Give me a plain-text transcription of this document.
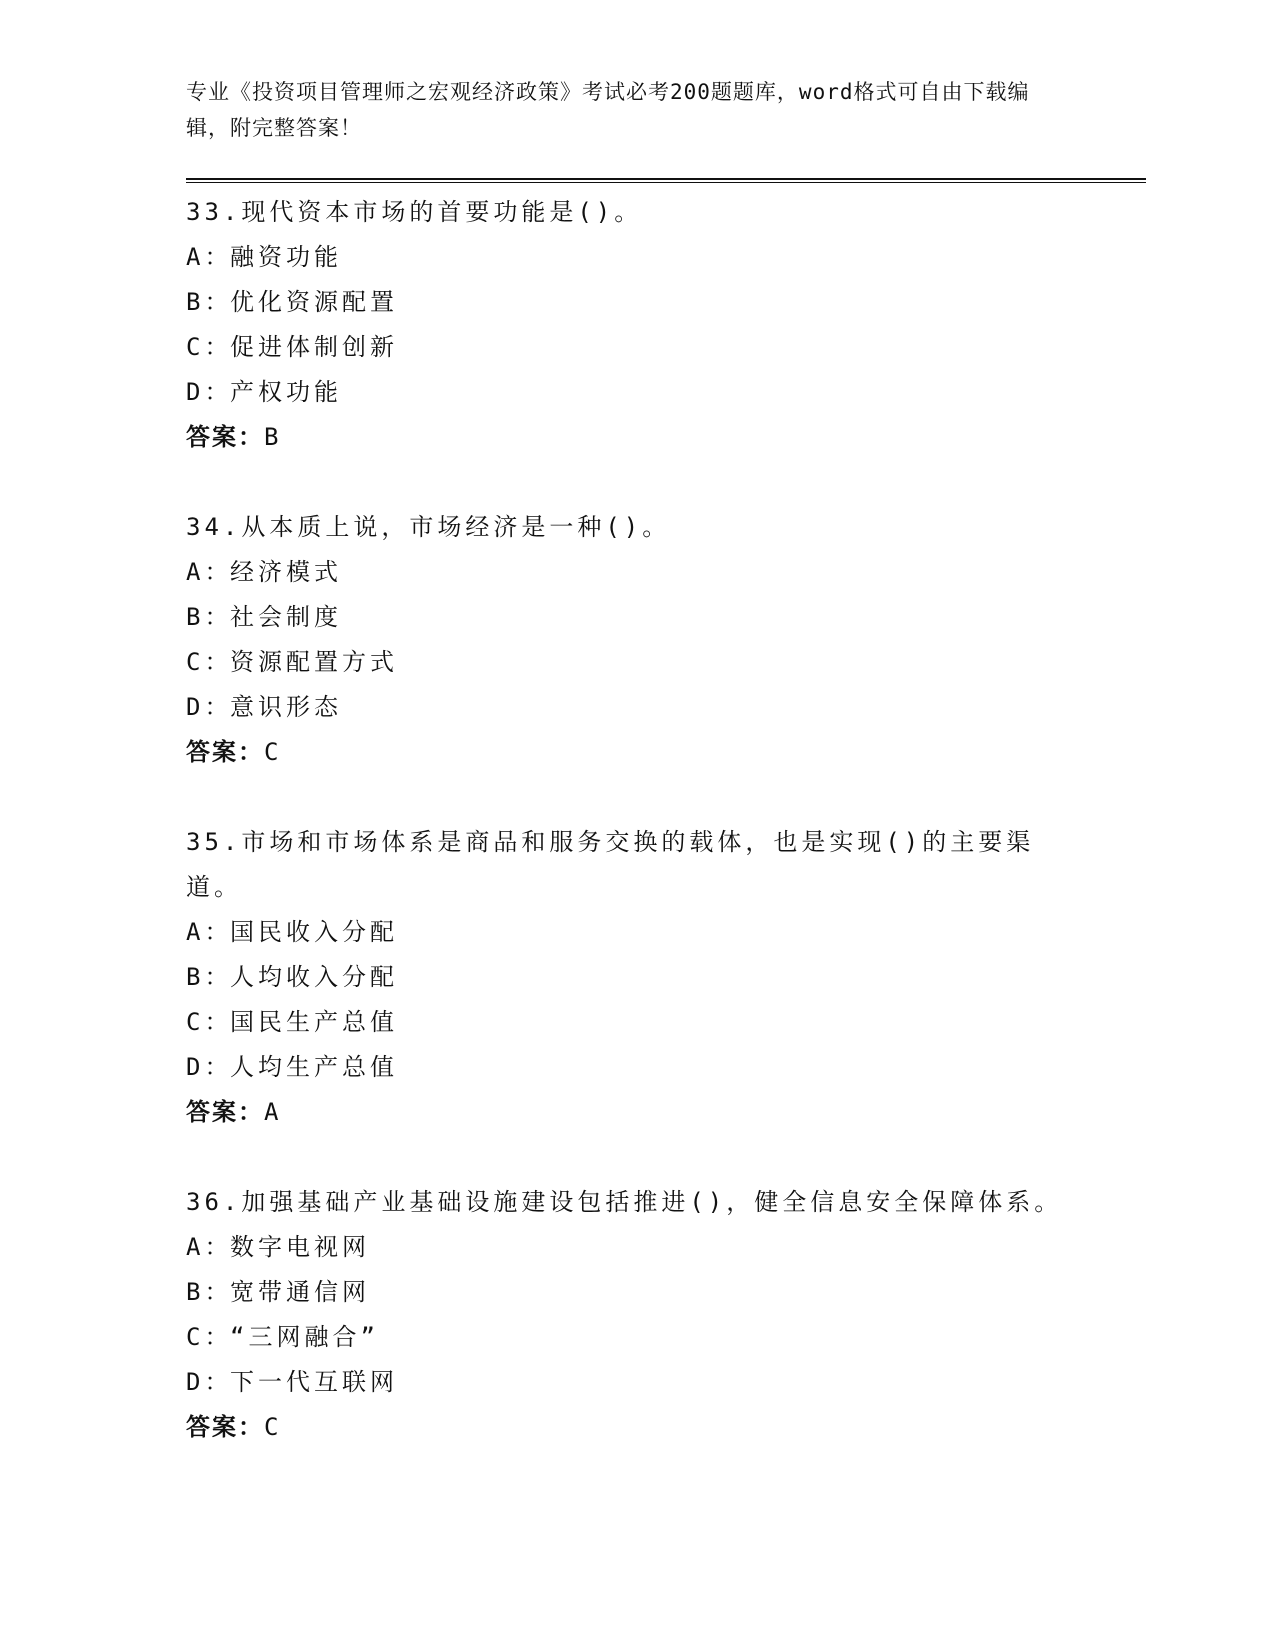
专业《投资项目管理师之宏观经济政策》考试必考200题题库，word格式可自由下载编辑，附完整答案！
33.现代资本市场的首要功能是()。
A：融资功能
B：优化资源配置
C：促进体制创新
D：产权功能
答案：B
34.从本质上说，市场经济是一种()。
A：经济模式
B：社会制度
C：资源配置方式
D：意识形态
答案：C
35.市场和市场体系是商品和服务交换的载体，也是实现()的主要渠道。
A：国民收入分配
B：人均收入分配
C：国民生产总值
D：人均生产总值
答案：A
36.加强基础产业基础设施建设包括推进()，健全信息安全保障体系。
A：数字电视网
B：宽带通信网
C：“三网融合”
D：下一代互联网
答案：C
